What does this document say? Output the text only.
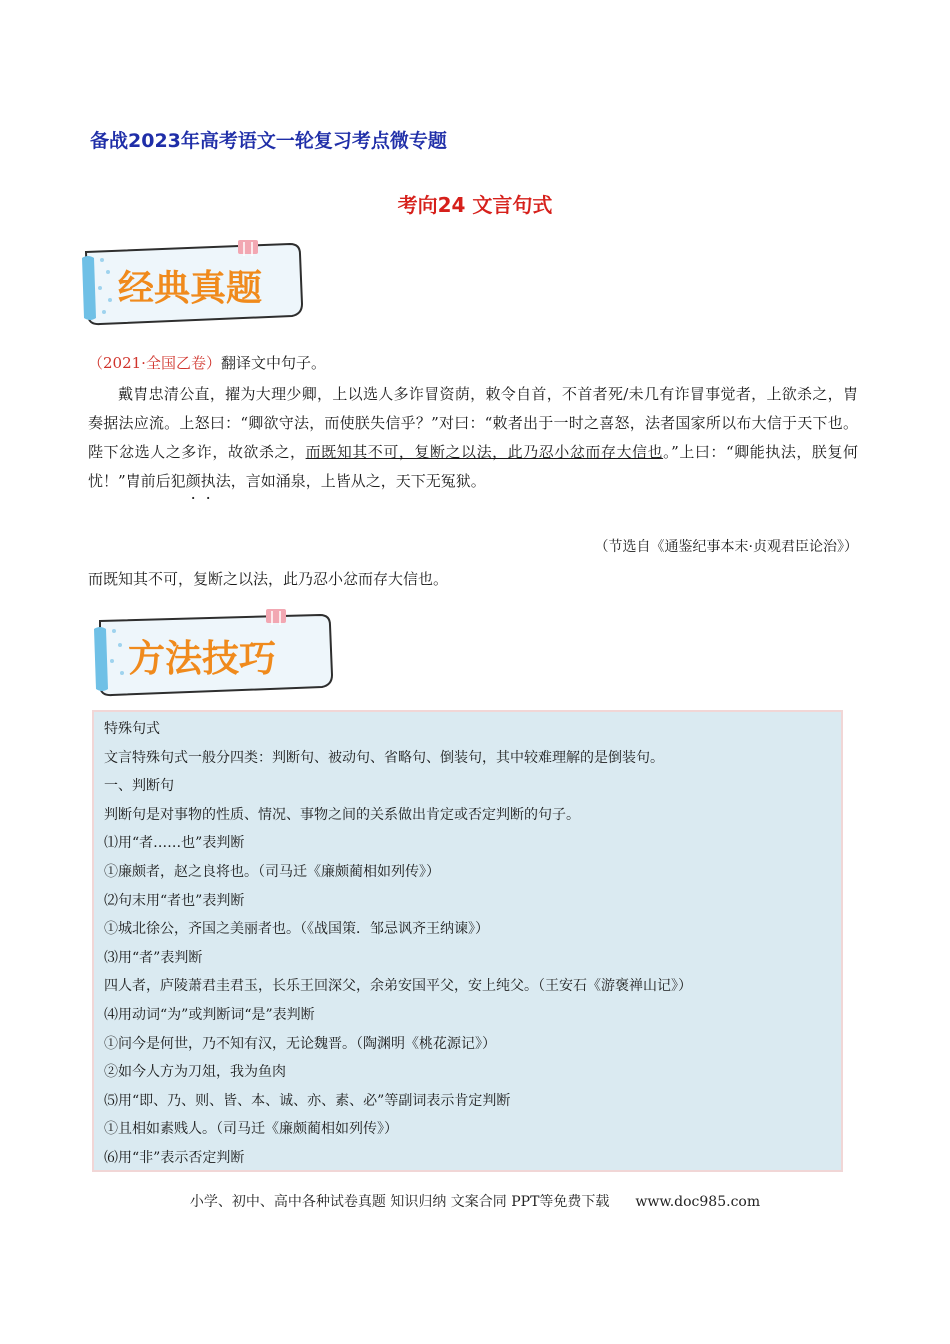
备战2023年高考语文一轮复习考点微专题
考向24 文言句式
经典真题
（2021·全国乙卷）翻译文中句子。
戴胄忠清公直，擢为大理少卿，上以选人多诈冒资荫，敕令自首，不首者死/未几有诈冒事觉者，上欲杀之，胄奏据法应流。上怒曰：“卿欲守法，而使朕失信乎？”对曰：“敕者出于一时之喜怒，法者国家所以布大信于天下也。陛下忿选人之多诈，故欲杀之，而既知其不可，复断之以法，此乃忍小忿而存大信也。”上曰：“卿能执法，朕复何忧！”胄前后犯颜执法，言如涌泉，上皆从之，天下无冤狱。
（节选自《通鉴纪事本末·贞观君臣论治》）
而既知其不可，复断之以法，此乃忍小忿而存大信也。
方法技巧
特殊句式
文言特殊句式一般分四类：判断句、被动句、省略句、倒装句，其中较难理解的是倒装句。
一、判断句
判断句是对事物的性质、情况、事物之间的关系做出肯定或否定判断的句子。
⑴用“者……也”表判断
①廉颇者，赵之良将也。（司马迁《廉颇蔺相如列传》）
⑵句末用“者也”表判断
①城北徐公，齐国之美丽者也。（《战国策．邹忌讽齐王纳谏》）
⑶用“者”表判断
四人者，庐陵萧君圭君玉，长乐王回深父，余弟安国平父，安上纯父。（王安石《游褒禅山记》）
⑷用动词“为”或判断词“是”表判断
①问今是何世，乃不知有汉，无论魏晋。（陶渊明《桃花源记》）
②如今人方为刀俎，我为鱼肉
⑸用“即、乃、则、皆、本、诚、亦、素、必”等副词表示肯定判断
①且相如素贱人。（司马迁《廉颇蔺相如列传》）
⑹用“非”表示否定判断
小学、初中、高中各种试卷真题 知识归纳 文案合同 PPT等免费下载 www.doc985.com
